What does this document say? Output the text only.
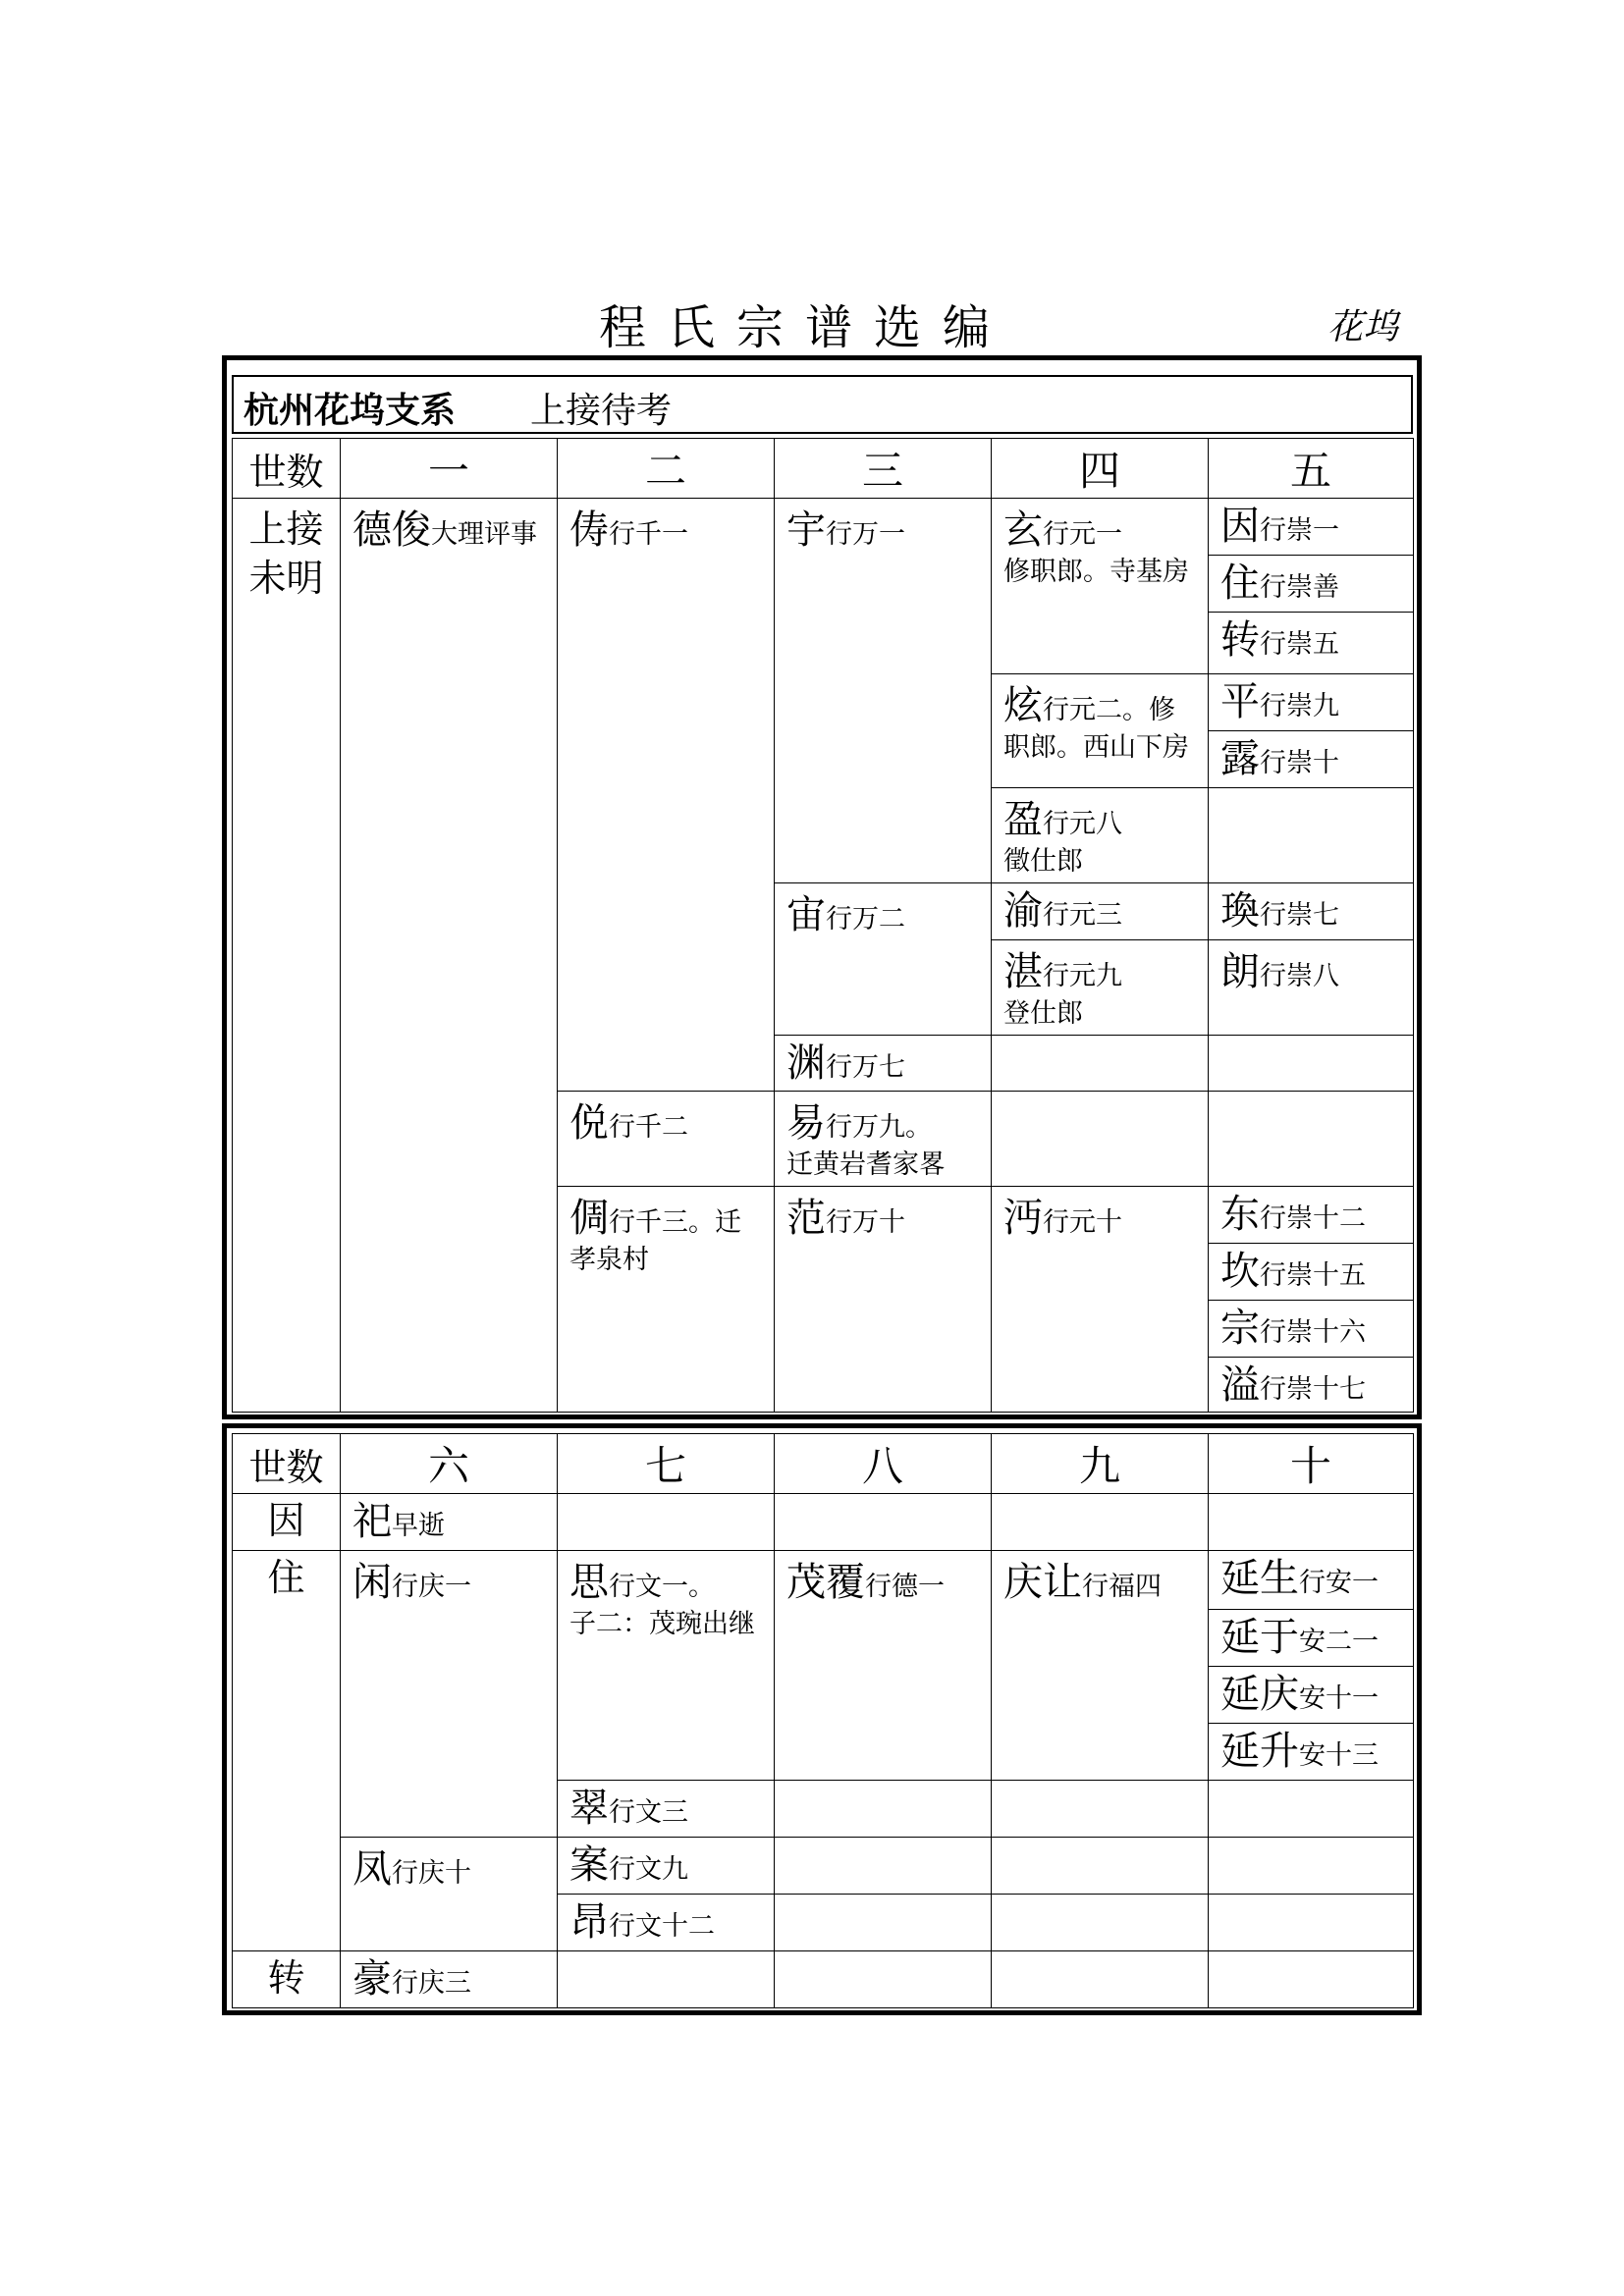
程氏宗谱选编	花坞
杭州花坞支系 上接待考
世数	一	二	三	四	五

上接未明	德俊大理评事	俦行千一	宇行万一	玄行元一
修职郎。寺基房	因行崇一
					住行崇善
					转行崇五
				炫行元二。修
职郎。西山下房	平行崇九
					露行崇十
				盈行元八
徵仕郎	

			宙行万二	渝行元三	瑍行崇七
				湛行元九
登仕郎	朗行崇八
			渊行万七		
		侻行千二	易行万九。
迁黄岩耆家畧		

		倜行千三。迁
孝泉村	范行万十	沔行元十	东行崇十二
					坎行崇十五
					宗行崇十六
					溢行崇十七
世数	六	七	八	九	十

因	祀早逝				

住	闲行庆一	思行文一。
子二：茂琬出继	茂覆行德一	庆让行福四	延生行安一
					延于安二一
					延庆安十一
					延升安十三
		翠行文三			
	凤行庆十	案行文九			
		昂行文十二			

转	豪行庆三				
